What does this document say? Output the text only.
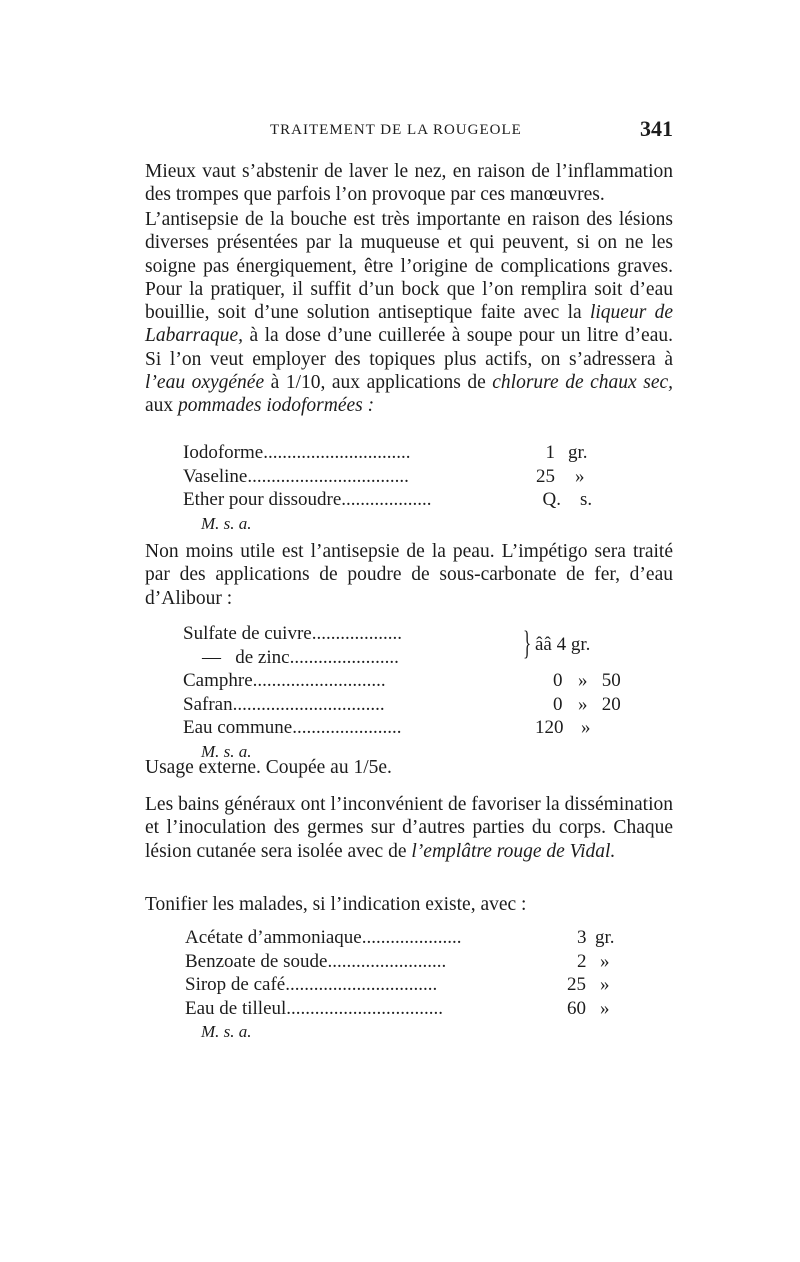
TRAITEMENT DE LA ROUGEOLE	341

Mieux vaut s’abstenir de laver le nez, en raison de l’inflammation des trompes que parfois l’on provoque par ces manœuvres.

L’antisepsie de la bouche est très importante en raison des lésions diverses présentées par la muqueuse et qui peuvent, si on ne les soigne pas énergiquement, être l’origine de complications graves. Pour la pratiquer, il suffit d’un bock que l’on remplira soit d’eau bouillie, soit d’une solution antiseptique faite avec la liqueur de Labarraque, à la dose d’une cuillerée à soupe pour un litre d’eau. Si l’on veut employer des topiques plus actifs, on s’adressera à l’eau oxygénée à 1/10, aux applications de chlorure de chaux sec, aux pommades iodoformées :

Iodoforme...............................	1 gr.
Vaseline..................................	25 »
Ether pour dissoudre...................	Q. s.
M. s. a.

Non moins utile est l’antisepsie de la peau. L’impétigo sera traité par des applications de poudre de sous-carbonate de fer, d’eau d’Alibour :

} ââ 4 gr.
Sulfate de cuivre...................
—   de zinc.......................
Camphre............................	0 »   50
Safran................................	0 »   20
Eau commune.......................	120 »
M. s. a.
Usage externe. Coupée au 1/5e.

Les bains généraux ont l’inconvénient de favoriser la dissémination et l’inoculation des germes sur d’autres parties du corps. Chaque lésion cutanée sera isolée avec de l’emplâtre rouge de Vidal.

Tonifier les malades, si l’indication existe, avec :

Acétate d’ammoniaque.....................	3 gr.
Benzoate de soude.........................	2 »
Sirop de café................................	25 »
Eau de tilleul.................................	60 »
M. s. a.
